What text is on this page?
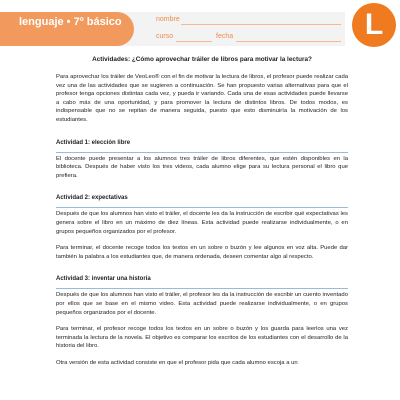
lenguaje • 7º básico	nombre
curso	fecha	L
Actividades: ¿Cómo aprovechar tráiler de libros para motivar la lectura?

Para aprovechar los tráiler de VeoLeo® con el fin de motivar la lectura de libros, el profesor puede realizar cada vez una de las actividades que se sugieren a continuación. Se han propuesto varias alternativas para que el profesor tenga opciones distintas cada vez, y pueda ir variando. Cada una de esas actividades puede llevarse a cabo más de una oportunidad, y para promover la lectura de distintos libros. De todos modos, es indispensable que no se repitan de manera seguida, puesto que esto disminuiría la motivación de los estudiantes.

Actividad 1: elección libre

El docente puede presentar a los alumnos tres tráiler de libros diferentes, que estén disponibles en la biblioteca. Después de haber visto los tres videos, cada alumno elige para su lectura personal el libro que prefiera.

Actividad 2: expectativas

Después de que los alumnos han visto el tráiler, el docente les da la instrucción de escribir qué expectativas les genera sobre el libro en un máximo de diez líneas. Esta actividad puede realizarse individualmente, o en grupos pequeños organizados por el profesor.

Para terminar, el docente recoge todos los textos en un sobre o buzón y lee algunos en voz alta. Puede dar también la palabra a los estudiantes que, de manera ordenada, deseen comentar algo al respecto.

Actividad 3: inventar una historia

Después de que los alumnos han visto el tráiler, el profesor les da la instrucción de escribir un cuento inventado por ellos que se base en el mismo video. Esta actividad puede realizarse individualmente, o en grupos pequeños organizados por el docente.

Para terminar, el profesor recoge todos los textos en un sobre o buzón y los guarda para leerlos una vez terminada la lectura de la novela. El objetivo es comparar los escritos de los estudiantes con el desarrollo de la historia del libro.

Otra versión de esta actividad consiste en que el profesor pida que cada alumno escoja a un
